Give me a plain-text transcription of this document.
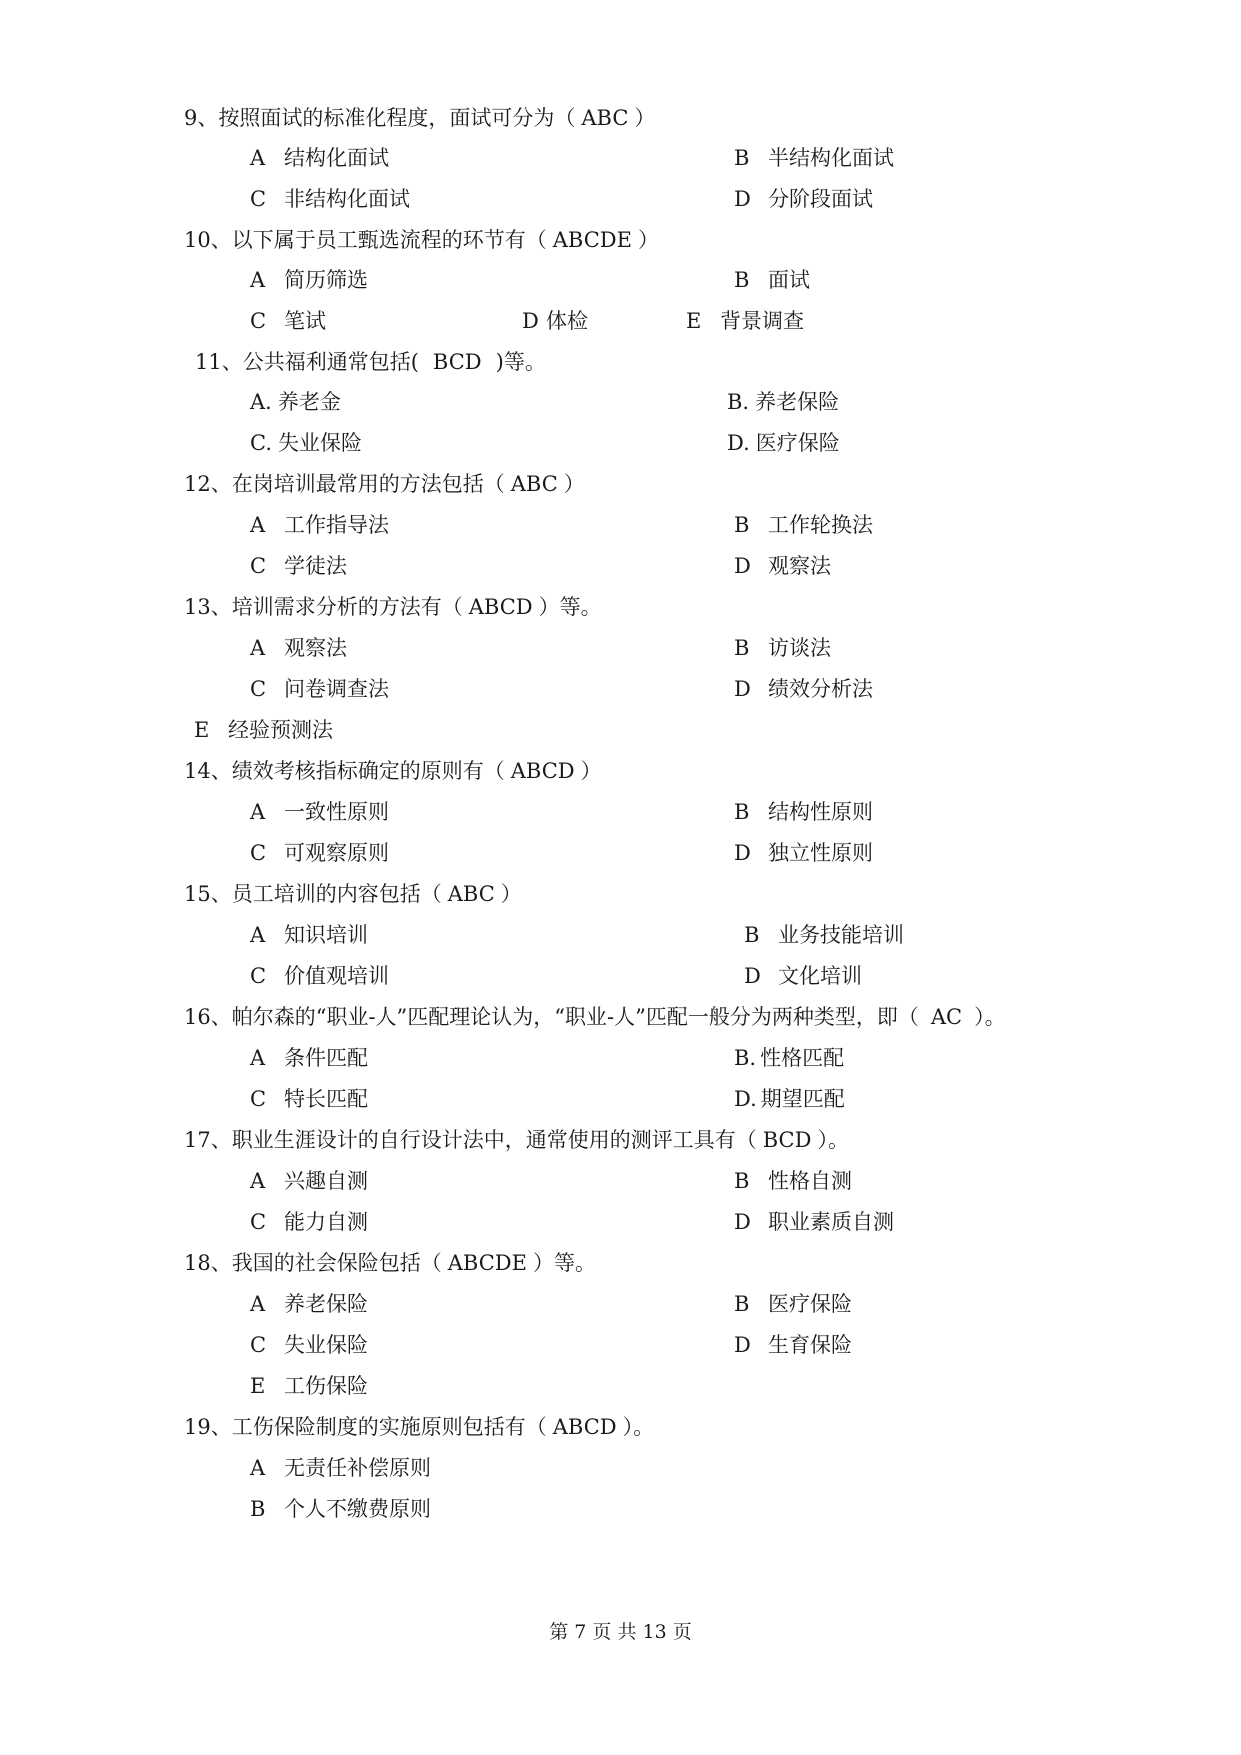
9、按照面试的标准化程度，面试可分为（ ABC ）
A 结构化面试	B 半结构化面试
C 非结构化面试	D 分阶段面试
10、以下属于员工甄选流程的环节有（ ABCDE ）
A 简历筛选	B 面试
C 笔试	D 体检	E 背景调查
11、公共福利通常包括( BCD )等。
A. 养老金	B. 养老保险
C. 失业保险	D. 医疗保险
12、在岗培训最常用的方法包括（ ABC ）
A 工作指导法	B 工作轮换法
C 学徒法	D 观察法
13、培训需求分析的方法有（ ABCD ）等。
A 观察法	B 访谈法
C 问卷调查法	D 绩效分析法
E 经验预测法
14、绩效考核指标确定的原则有（ ABCD ）
A 一致性原则	B 结构性原则
C 可观察原则	D 独立性原则
15、员工培训的内容包括（ ABC ）
A 知识培训	B 业务技能培训
C 价值观培训	D 文化培训
16、帕尔森的“职业-人”匹配理论认为，“职业-人”匹配一般分为两种类型，即（ AC ）。
A 条件匹配	B. 性格匹配
C 特长匹配	D. 期望匹配
17、职业生涯设计的自行设计法中，通常使用的测评工具有（ BCD ）。
A 兴趣自测	B 性格自测
C 能力自测	D 职业素质自测
18、我国的社会保险包括（ ABCDE ）等。
A 养老保险	B 医疗保险
C 失业保险	D 生育保险
E 工伤保险
19、工伤保险制度的实施原则包括有（ ABCD ）。
A 无责任补偿原则
B 个人不缴费原则
第 7 页 共 13 页
